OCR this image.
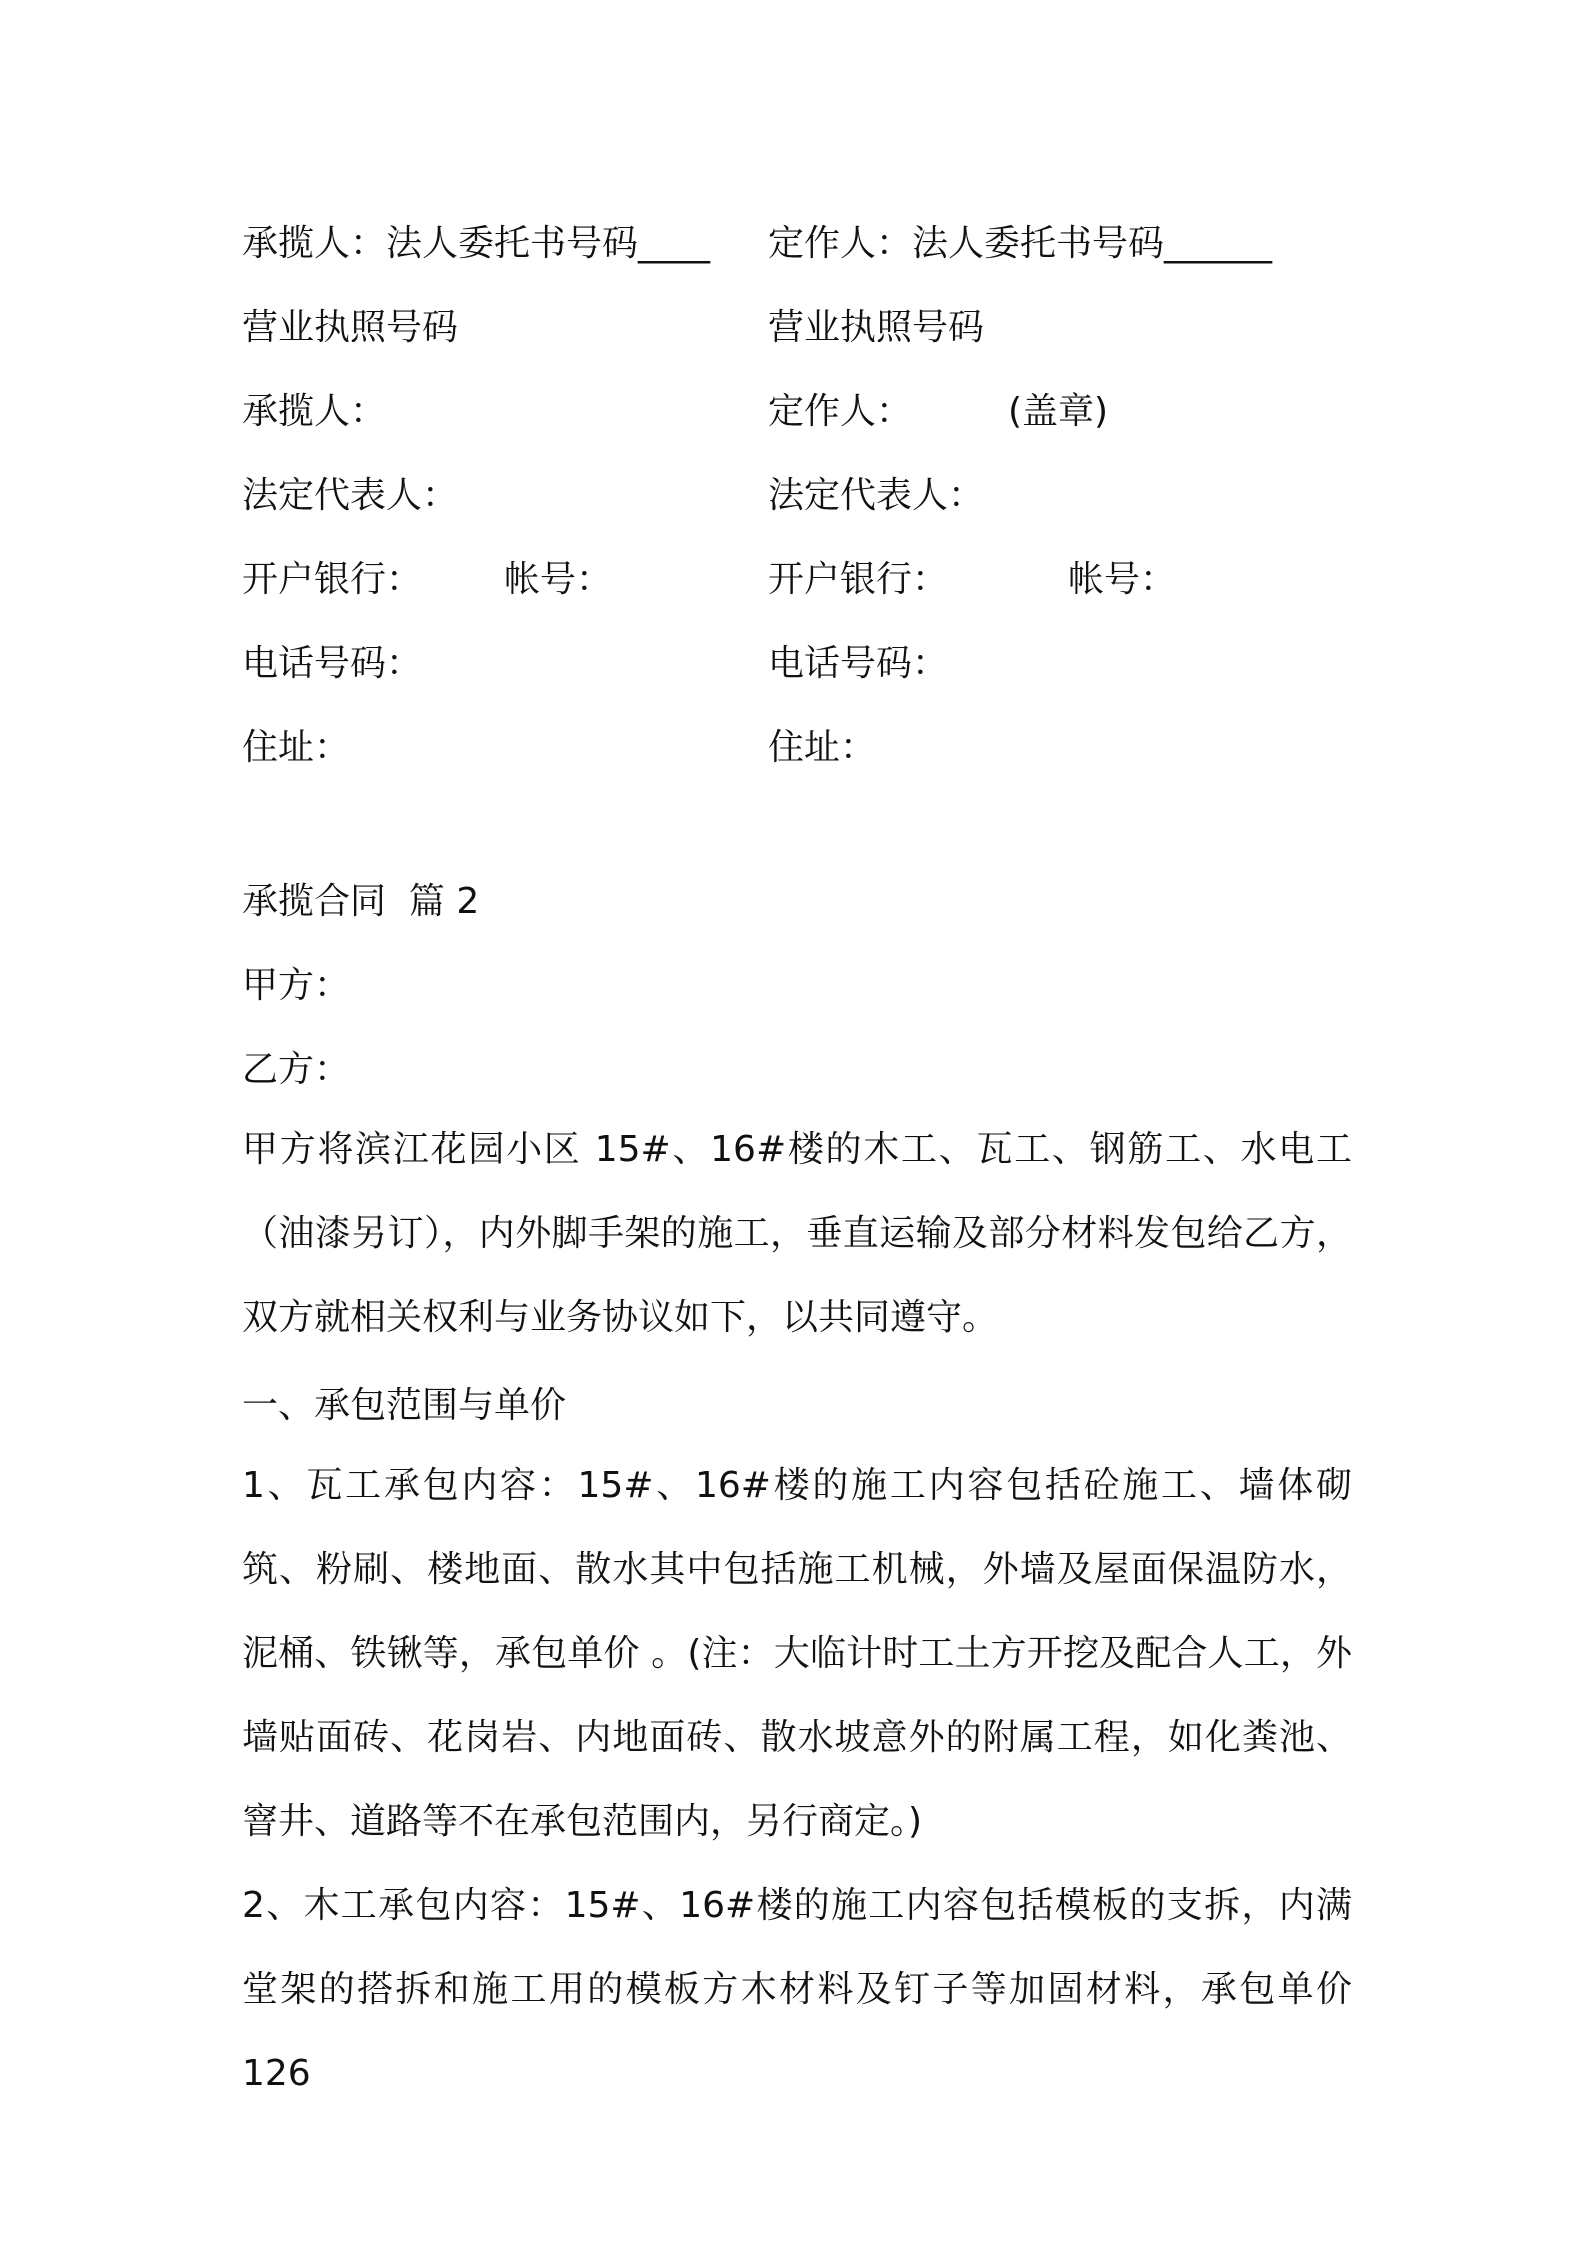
承揽人：法人委托书号码____ 定作人：法人委托书号码______
营业执照号码	营业执照号码
承揽人：	定作人：	(盖章)
法定代表人：	法定代表人：
开户银行： 帐号：	开户银行：	帐号：
电话号码：	电话号码：
住址：	住址：
承揽合同  篇 2
甲方：
乙方：

甲方将滨江花园小区 15#、16#楼的木工、瓦工、钢筋工、水电工（油漆另订），内外脚手架的施工，垂直运输及部分材料发包给乙方，双方就相关权利与业务协议如下，以共同遵守。

一、承包范围与单价

1、瓦工承包内容：15#、16#楼的施工内容包括砼施工、墙体砌筑、粉刷、楼地面、散水其中包括施工机械，外墙及屋面保温防水，泥桶、铁锹等，承包单价 。(注：大临计时工土方开挖及配合人工，外墙贴面砖、花岗岩、内地面砖、散水坡意外的附属工程，如化粪池、窨井、道路等不在承包范围内，另行商定。)

2、木工承包内容：15#、16#楼的施工内容包括模板的支拆，内满堂架的搭拆和施工用的模板方木材料及钉子等加固材料，承包单价 126
